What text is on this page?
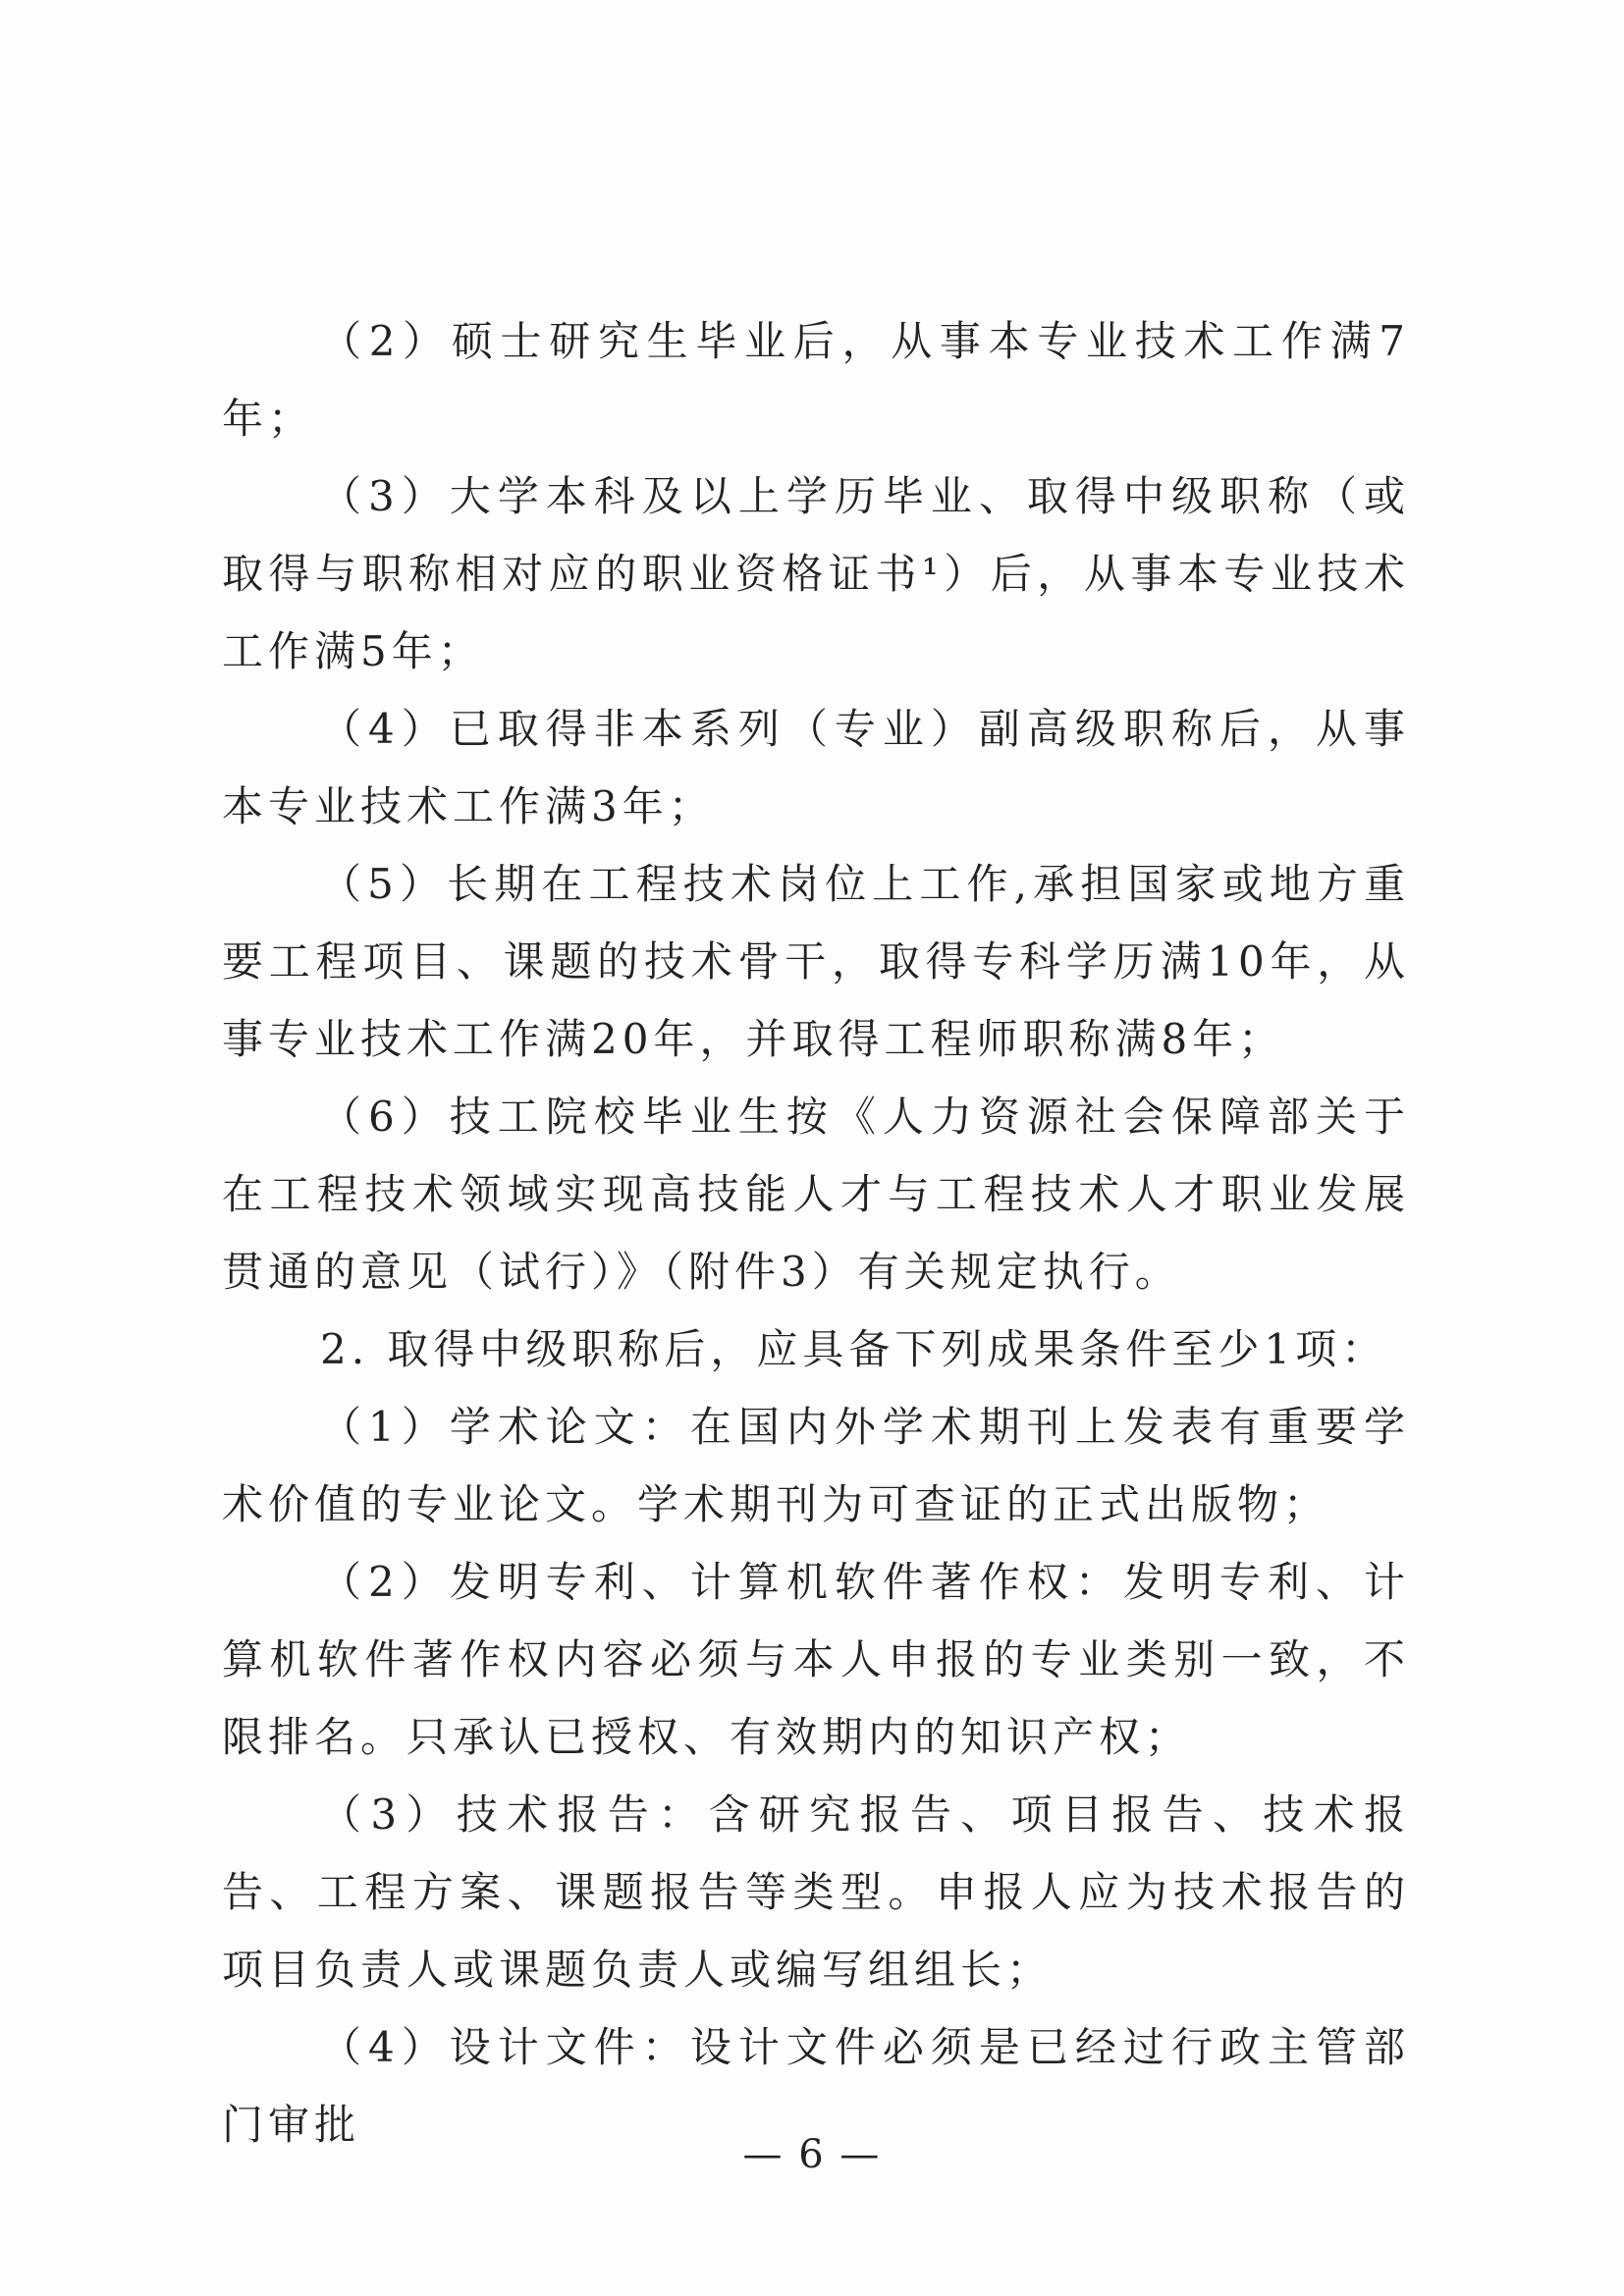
（2）硕士研究生毕业后，从事本专业技术工作满7年；

（3）大学本科及以上学历毕业、取得中级职称（或取得与职称相对应的职业资格证书¹）后，从事本专业技术工作满5年；

（4）已取得非本系列（专业）副高级职称后，从事本专业技术工作满3年；

（5）长期在工程技术岗位上工作,承担国家或地方重要工程项目、课题的技术骨干，取得专科学历满10年，从事专业技术工作满20年，并取得工程师职称满8年；

（6）技工院校毕业生按《人力资源社会保障部关于在工程技术领域实现高技能人才与工程技术人才职业发展贯通的意见（试行）》（附件3）有关规定执行。

2. 取得中级职称后，应具备下列成果条件至少1项：

（1）学术论文：在国内外学术期刊上发表有重要学术价值的专业论文。学术期刊为可查证的正式出版物；

（2）发明专利、计算机软件著作权：发明专利、计算机软件著作权内容必须与本人申报的专业类别一致，不限排名。只承认已授权、有效期内的知识产权；

（3）技术报告：含研究报告、项目报告、技术报告、工程方案、课题报告等类型。申报人应为技术报告的项目负责人或课题负责人或编写组组长；

（4）设计文件：设计文件必须是已经过行政主管部门审批

— 6 —
